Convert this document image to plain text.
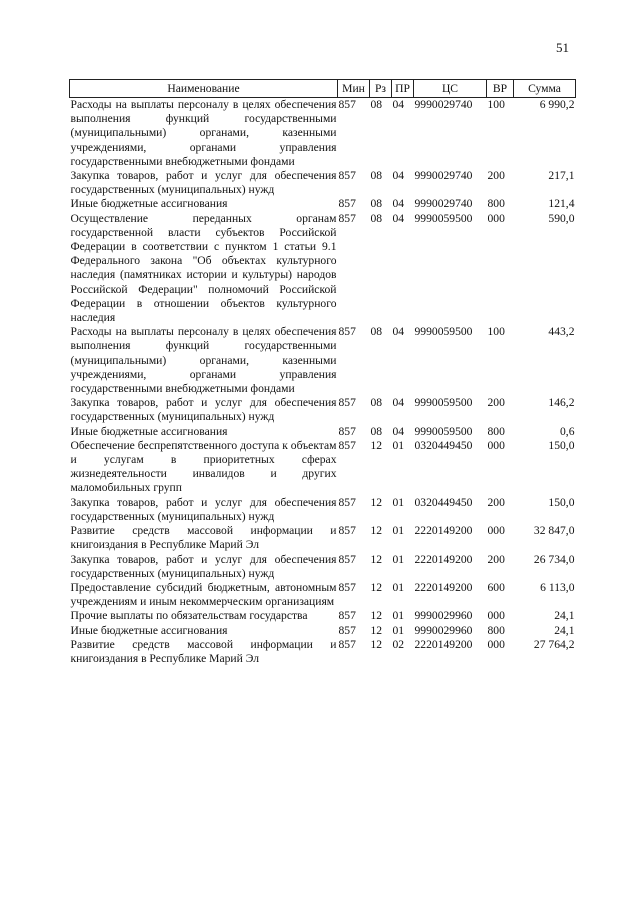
51
Наименование	Мин	Рз	ПР	ЦС	ВР	Сумма
Расходы на выплаты персоналу в целях обеспечения выполнения функций государственными (муниципальными) органами, казенными учреждениями, органами управления государственными внебюджетными фондами	857	08	04	9990029740	100	6 990,2
Закупка товаров, работ и услуг для обеспечения государственных (муниципальных) нужд	857	08	04	9990029740	200	217,1
Иные бюджетные ассигнования	857	08	04	9990029740	800	121,4
Осуществление переданных органам государственной власти субъектов Российской Федерации в соответствии с пунктом 1 статьи 9.1 Федерального закона "Об объектах культурного наследия (памятниках истории и культуры) народов Российской Федерации" полномочий Российской Федерации в отношении объектов культурного наследия	857	08	04	9990059500	000	590,0
Расходы на выплаты персоналу в целях обеспечения выполнения функций государственными (муниципальными) органами, казенными учреждениями, органами управления государственными внебюджетными фондами	857	08	04	9990059500	100	443,2
Закупка товаров, работ и услуг для обеспечения государственных (муниципальных) нужд	857	08	04	9990059500	200	146,2
Иные бюджетные ассигнования	857	08	04	9990059500	800	0,6
Обеспечение беспрепятственного доступа к объектам и услугам в приоритетных сферах жизнедеятельности инвалидов и других маломобильных групп	857	12	01	0320449450	000	150,0
Закупка товаров, работ и услуг для обеспечения государственных (муниципальных) нужд	857	12	01	0320449450	200	150,0
Развитие средств массовой информации и книгоиздания в Республике Марий Эл	857	12	01	2220149200	000	32 847,0
Закупка товаров, работ и услуг для обеспечения государственных (муниципальных) нужд	857	12	01	2220149200	200	26 734,0
Предоставление субсидий бюджетным, автономным учреждениям и иным некоммерческим организациям	857	12	01	2220149200	600	6 113,0
Прочие выплаты по обязательствам государства	857	12	01	9990029960	000	24,1
Иные бюджетные ассигнования	857	12	01	9990029960	800	24,1
Развитие средств массовой информации и книгоиздания в Республике Марий Эл	857	12	02	2220149200	000	27 764,2
